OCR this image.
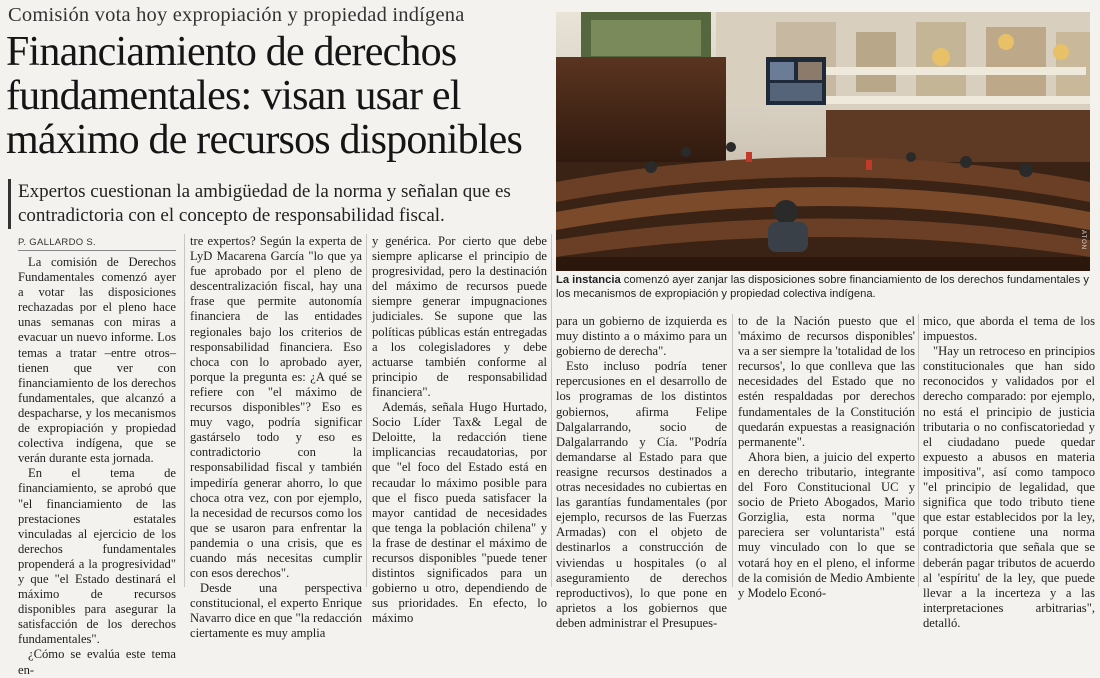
Comisión vota hoy expropiación y propiedad indígena
Financiamiento de derechos fundamentales: visan usar el máximo de recursos disponibles
Expertos cuestionan la ambigüedad de la norma y señalan que es contradictoria con el concepto de responsabilidad fiscal.
P. GALLARDO S.	ATON
La instancia comenzó ayer zanjar las disposiciones sobre financiamiento de los derechos fundamentales y los mecanismos de expropiación y propiedad colectiva indígena.

La comisión de Derechos Fundamentales comenzó ayer a votar las disposiciones rechazadas por el pleno hace unas semanas con miras a evacuar un nuevo informe. Los temas a tratar –entre otros– tienen que ver con financiamiento de los derechos fundamentales, que alcanzó a despacharse, y los mecanismos de expropiación y propiedad colectiva indígena, que se verán durante esta jornada.

En el tema de financiamiento, se aprobó que "el financiamiento de las prestaciones estatales vinculadas al ejercicio de los derechos fundamentales propenderá a la progresividad" y que "el Estado destinará el máximo de recursos disponibles para asegurar la satisfacción de los derechos fundamentales".

¿Cómo se evalúa este tema en-

tre expertos? Según la experta de LyD Macarena García "lo que ya fue aprobado por el pleno de descentralización fiscal, hay una frase que permite autonomía financiera de las entidades regionales bajo los criterios de responsabilidad financiera. Eso choca con lo aprobado ayer, porque la pregunta es: ¿A qué se refiere con "el máximo de recursos disponibles"? Eso es muy vago, podría significar gastárselo todo y eso es contradictorio con la responsabilidad fiscal y también impediría generar ahorro, lo que choca otra vez, con por ejemplo, la necesidad de recursos como los que se usaron para enfrentar la pandemia o una crisis, que es cuando más necesitas cumplir con esos derechos".

Desde una perspectiva constitucional, el experto Enrique Navarro dice en que "la redacción ciertamente es muy amplia

y genérica. Por cierto que debe siempre aplicarse el principio de progresividad, pero la destinación del máximo de recursos puede siempre generar impugnaciones judiciales. Se supone que las políticas públicas están entregadas a los colegisladores y debe actuarse también conforme al principio de responsabilidad financiera".

Además, señala Hugo Hurtado, Socio Líder Tax& Legal de Deloitte, la redacción tiene implicancias recaudatorias, por que "el foco del Estado está en recaudar lo máximo posible para que el fisco pueda satisfacer la mayor cantidad de necesidades que tenga la población chilena" y la frase de destinar el máximo de recursos disponibles "puede tener distintos significados para un gobierno u otro, dependiendo de sus prioridades. En efecto, lo máximo

para un gobierno de izquierda es muy distinto a o máximo para un gobierno de derecha".

Esto incluso podría tener repercusiones en el desarrollo de los programas de los distintos gobiernos, afirma Felipe Dalgalarrando, socio de Dalgalarrando y Cía. "Podría demandarse al Estado para que reasigne recursos destinados a otras necesidades no cubiertas en las garantías fundamentales (por ejemplo, recursos de las Fuerzas Armadas) con el objeto de destinarlos a construcción de viviendas u hospitales (o al aseguramiento de derechos reproductivos), lo que pone en aprietos a los gobiernos que deben administrar el Presupues-

to de la Nación puesto que el 'máximo de recursos disponibles' va a ser siempre la 'totalidad de los recursos', lo que conlleva que las necesidades del Estado que no estén respaldadas por derechos fundamentales de la Constitución quedarán expuestas a reasignación permanente".

Ahora bien, a juicio del experto en derecho tributario, integrante del Foro Constitucional UC y socio de Prieto Abogados, Mario Gorziglia, esta norma "que pareciera ser voluntarista" está muy vinculado con lo que se votará hoy en el pleno, el informe de la comisión de Medio Ambiente y Modelo Econó-

mico, que aborda el tema de los impuestos.

"Hay un retroceso en principios constitucionales que han sido reconocidos y validados por el derecho comparado: por ejemplo, no está el principio de justicia tributaria o no confiscatoriedad y el ciudadano puede quedar expuesto a abusos en materia impositiva", así como tampoco "el principio de legalidad, que significa que todo tributo tiene que estar establecidos por la ley, porque contiene una norma contradictoria que señala que se deberán pagar tributos de acuerdo al 'espíritu' de la ley, que puede llevar a la incerteza y a las interpretaciones arbitrarias", detalló.
